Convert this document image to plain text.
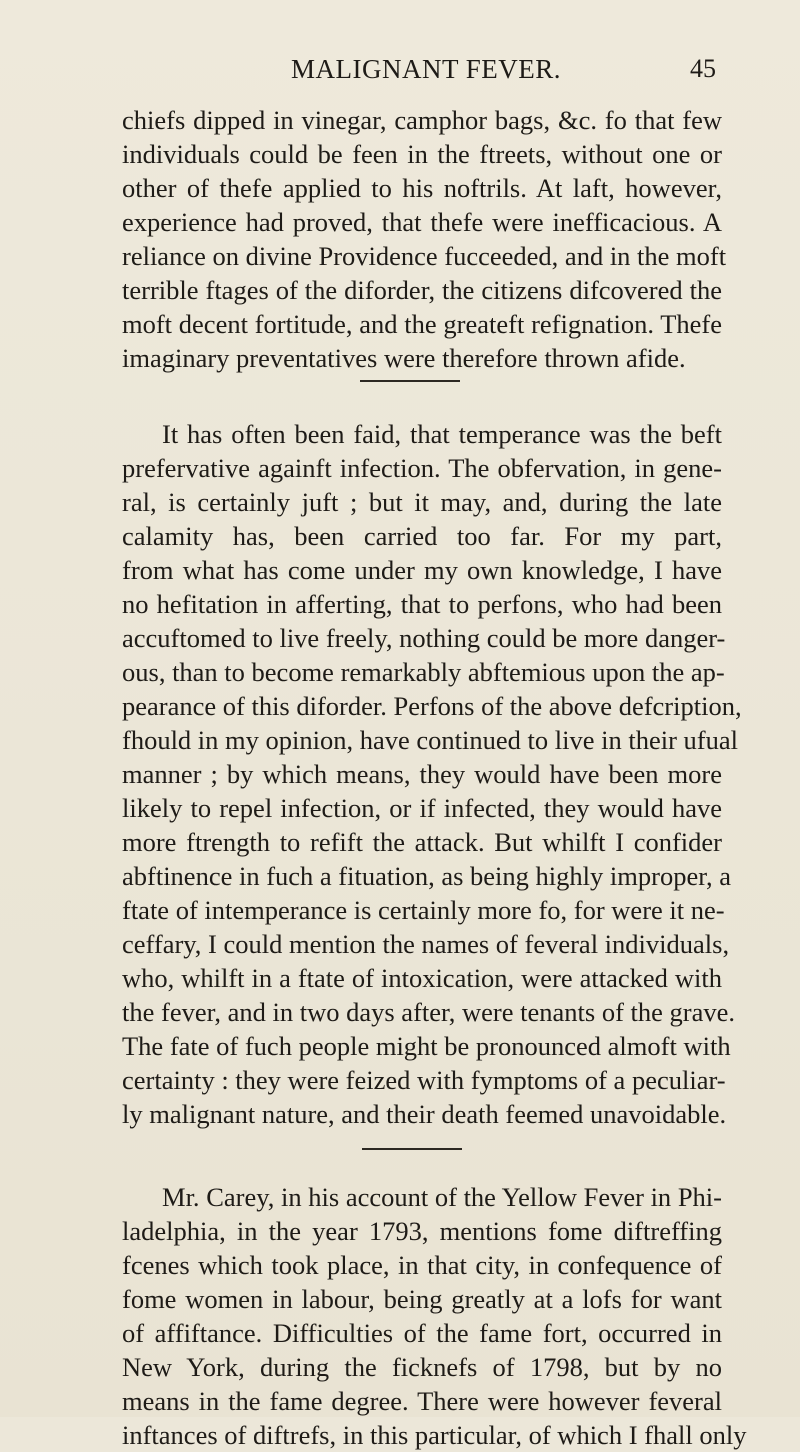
MALIGNANT FEVER.	45
chiefs dipped in vinegar, camphor bags, &c. fo that few
individuals could be feen in the ftreets, without one or
other of thefe applied to his noftrils. At laft, however,
experience had proved, that thefe were inefficacious. A
reliance on divine Providence fucceeded, and in the moft
terrible ftages of the diforder, the citizens difcovered the
moft decent fortitude, and the greateft refignation. Thefe
imaginary preventatives were therefore thrown afide.
It has often been faid, that temperance was the beft
prefervative againft infection. The obfervation, in gene-
ral, is certainly juft ; but it may, and, during the late
calamity has, been carried too far. For my part,
from what has come under my own knowledge, I have
no hefitation in afferting, that to perfons, who had been
accuftomed to live freely, nothing could be more danger-
ous, than to become remarkably abftemious upon the ap-
pearance of this diforder. Perfons of the above defcription,
fhould in my opinion, have continued to live in their ufual
manner ; by which means, they would have been more
likely to repel infection, or if infected, they would have
more ftrength to refift the attack. But whilft I confider
abftinence in fuch a fituation, as being highly improper, a
ftate of intemperance is certainly more fo, for were it ne-
ceffary, I could mention the names of feveral individuals,
who, whilft in a ftate of intoxication, were attacked with
the fever, and in two days after, were tenants of the grave.
The fate of fuch people might be pronounced almoft with
certainty : they were feized with fymptoms of a peculiar-
ly malignant nature, and their death feemed unavoidable.
Mr. Carey, in his account of the Yellow Fever in Phi-
ladelphia, in the year 1793, mentions fome diftreffing
fcenes which took place, in that city, in confequence of
fome women in labour, being greatly at a lofs for want
of affiftance. Difficulties of the fame fort, occurred in
New York, during the ficknefs of 1798, but by no
means in the fame degree. There were however feveral
inftances of diftrefs, in this particular, of which I fhall only
